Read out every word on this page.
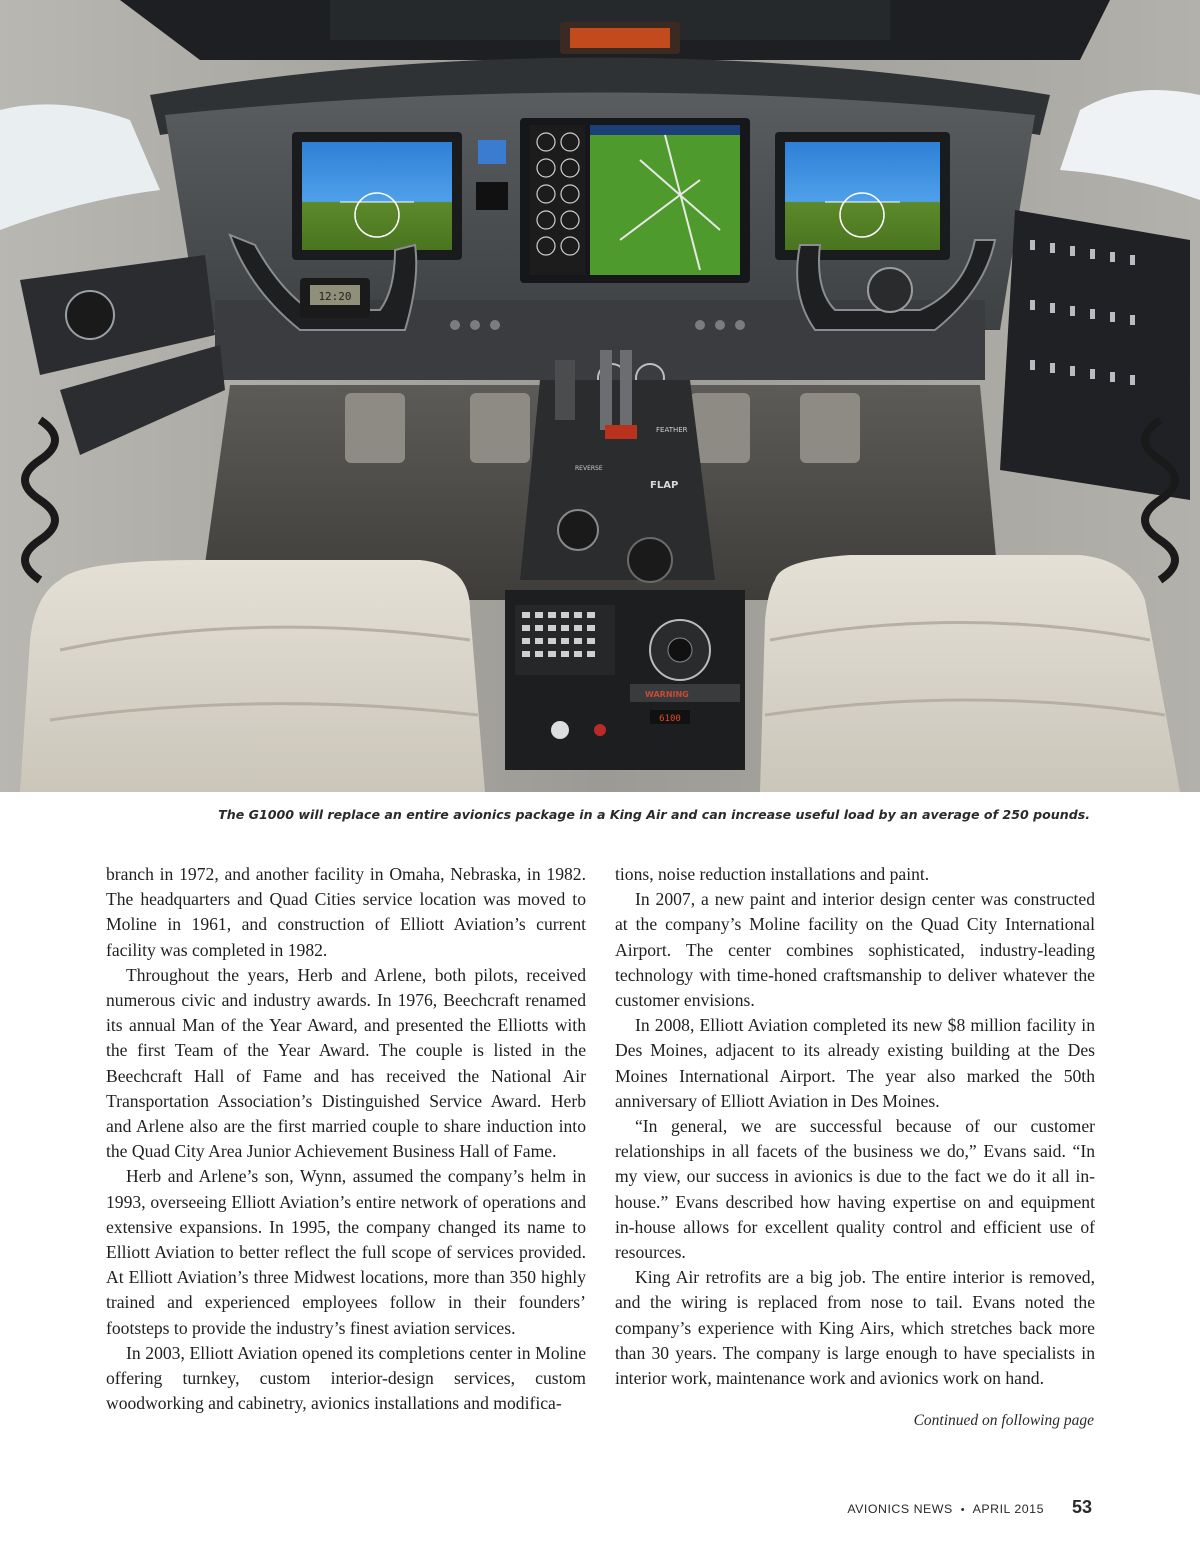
12:20
FEATHER
REVERSE
FLAP
WARNING
6100
The G1000 will replace an entire avionics package in a King Air and can increase useful load by an average of 250 pounds.

branch in 1972, and another facility in Omaha, Nebraska, in 1982. The headquarters and Quad Cities service location was moved to Moline in 1961, and construction of Elliott Aviation’s current facility was completed in 1982.

Throughout the years, Herb and Arlene, both pilots, received numerous civic and industry awards. In 1976, Beechcraft renamed its annual Man of the Year Award, and presented the Elliotts with the first Team of the Year Award. The couple is listed in the Beechcraft Hall of Fame and has received the National Air Transportation Association’s Distinguished Service Award. Herb and Arlene also are the first married couple to share induction into the Quad City Area Junior Achievement Business Hall of Fame.

Herb and Arlene’s son, Wynn, assumed the company’s helm in 1993, overseeing Elliott Aviation’s entire network of operations and extensive expansions. In 1995, the company changed its name to Elliott Aviation to better reflect the full scope of services provided. At Elliott Aviation’s three Midwest locations, more than 350 highly trained and experienced employees follow in their founders’ footsteps to provide the industry’s finest aviation services.

In 2003, Elliott Aviation opened its completions center in Moline offering turnkey, custom interior-design services, custom woodworking and cabinetry, avionics installations and modifica-

tions, noise reduction installations and paint.

In 2007, a new paint and interior design center was constructed at the company’s Moline facility on the Quad City International Airport. The center combines sophisticated, industry-leading technology with time-honed craftsmanship to deliver whatever the customer envisions.

In 2008, Elliott Aviation completed its new $8 million facility in Des Moines, adjacent to its already existing building at the Des Moines International Airport. The year also marked the 50th anniversary of Elliott Aviation in Des Moines.

“In general, we are successful because of our customer relationships in all facets of the business we do,” Evans said. “In my view, our success in avionics is due to the fact we do it all in-house.” Evans described how having expertise on and equipment in-house allows for excellent quality control and efficient use of resources.

King Air retrofits are a big job. The entire interior is removed, and the wiring is replaced from nose to tail. Evans noted the company’s experience with King Airs, which stretches back more than 30 years. The company is large enough to have specialists in interior work, maintenance work and avionics work on hand.

Continued on following page
AVIONICS NEWS • APRIL 2015 53
